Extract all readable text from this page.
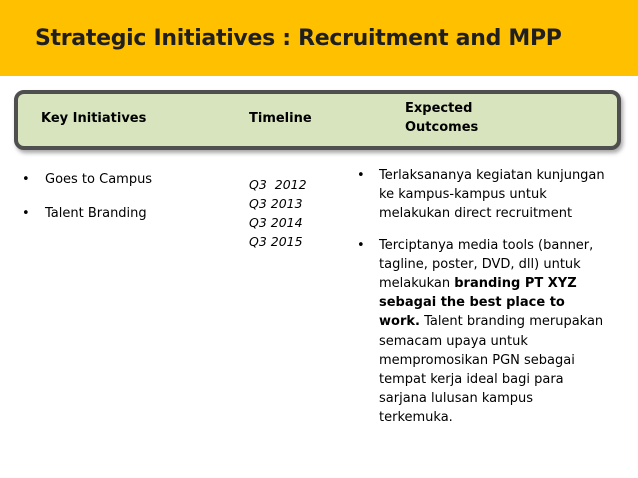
Strategic Initiatives : Recruitment and MPP
Key Initiatives	Timeline
Expected Outcomes
• Goes to Campus
• Talent Branding
Q3  2012
Q3 2013
Q3 2014
Q3 2015
• Terlaksananya kegiatan kunjungan ke kampus-kampus untuk melakukan direct recruitment
• Terciptanya media tools (banner, tagline, poster, DVD, dll) untuk melakukan branding PT XYZ sebagai the best place to work. Talent branding merupakan semacam upaya untuk mempromosikan PGN sebagai tempat kerja ideal bagi para sarjana lulusan kampus terkemuka.
